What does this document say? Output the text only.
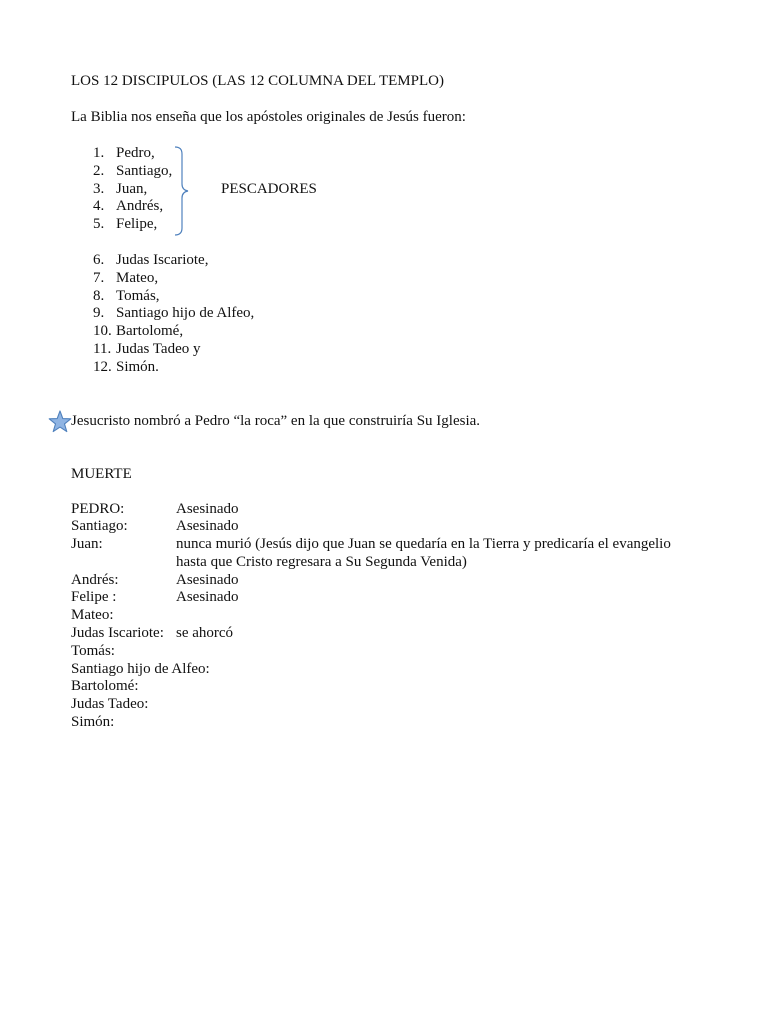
LOS 12 DISCIPULOS (LAS 12 COLUMNA DEL TEMPLO)
La Biblia nos enseña que los apóstoles originales de Jesús fueron:
1. Pedro,
2. Santiago,
3. Juan,
4. Andrés,
5. Felipe,
PESCADORES
6. Judas Iscariote,
7. Mateo,
8. Tomás,
9. Santiago hijo de Alfeo,
10. Bartolomé,
11. Judas Tadeo y
12. Simón.
Jesucristo nombró a Pedro “la roca” en la que construiría Su Iglesia.
MUERTE
PEDRO:	Asesinado
Santiago:	Asesinado
Juan:	nunca murió (Jesús dijo que Juan se quedaría en la Tierra y predicaría el evangelio hasta que Cristo regresara a Su Segunda Venida)
Andrés:	Asesinado
Felipe :	Asesinado
Mateo:
Judas Iscariote: se ahorcó
Tomás:
Santiago hijo de Alfeo:
Bartolomé:
Judas Tadeo:
Simón:
